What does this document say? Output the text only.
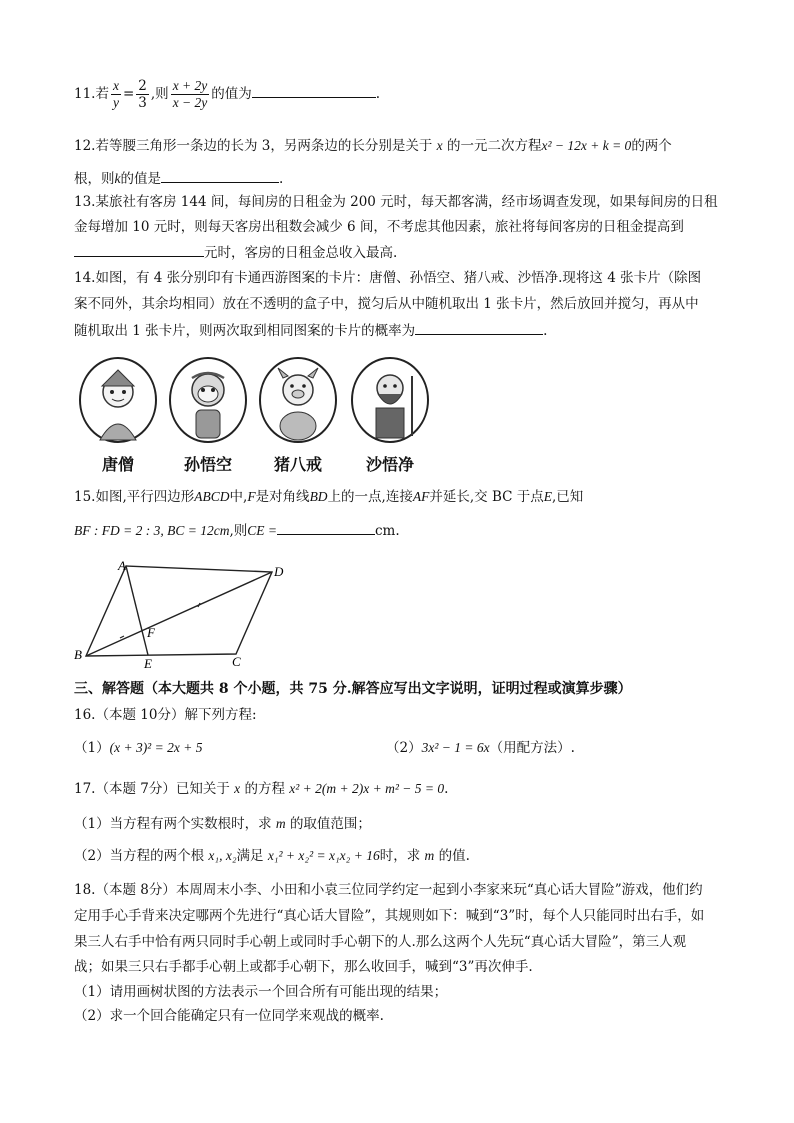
11.若 $\frac{x}{y} = \frac{2}{3}$ ,则 $\frac{x + 2y}{x - 2y}$ 的值为	.
12.若等腰三角形一条边的长为 3，另两条边的长分别是关于 x 的一元二次方程x² − 12x + k = 0的两个
根，则k的值是	.
13.某旅社有客房 144 间，每间房的日租金为 200 元时，每天都客满，经市场调查发现，如果每间房的日租
金每增加 10 元时，则每天客房出租数会减少 6 间，不考虑其他因素，旅社将每间客房的日租金提高到
元时，客房的日租金总收入最高.
14.如图，有 4 张分别印有卡通西游图案的卡片：唐僧、孙悟空、猪八戒、沙悟净.现将这 4 张卡片（除图
案不同外，其余均相同）放在不透明的盒子中，搅匀后从中随机取出 1 张卡片，然后放回并搅匀，再从中
随机取出 1 张卡片，则两次取到相同图案的卡片的概率为	.
唐僧	孙悟空	猪八戒	沙悟净
15.如图,平行四边形ABCD中,F是对角线BD上的一点,连接AF并延长,交 BC 于点E,已知
BF : FD = 2 : 3, BC = 12cm,则CE =	cm.
A	D
F
B
E	C
三、解答题（本大题共 8 个小题，共 75 分.解答应写出文字说明，证明过程或演算步骤）
16.（本题 10分）解下列方程:
（1）(x + 3)² = 2x + 5	（2）3x² − 1 = 6x（用配方法）.
17.（本题 7分）已知关于 x 的方程 x² + 2(m + 2)x + m² − 5 = 0.
（1）当方程有两个实数根时，求 m 的取值范围；
（2）当方程的两个根 x₁, x₂满足 x₁² + x₂² = x₁x₂ + 16时，求 m 的值.
18.（本题 8分）本周周末小李、小田和小袁三位同学约定一起到小李家来玩“真心话大冒险”游戏，他们约
定用手心手背来决定哪两个先进行“真心话大冒险”，其规则如下：喊到“3”时，每个人只能同时出右手，如
果三人右手中恰有两只同时手心朝上或同时手心朝下的人.那么这两个人先玩“真心话大冒险”，第三人观
战；如果三只右手都手心朝上或都手心朝下，那么收回手，喊到“3”再次伸手.
（1）请用画树状图的方法表示一个回合所有可能出现的结果；
（2）求一个回合能确定只有一位同学来观战的概率.
